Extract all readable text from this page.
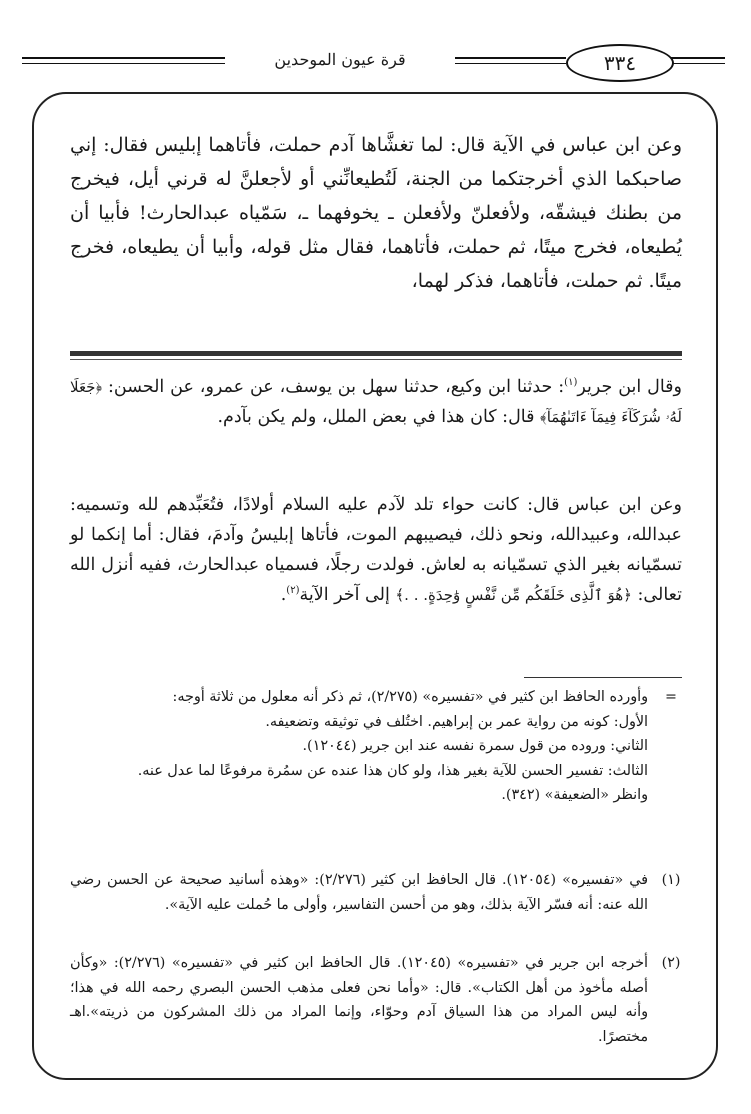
٣٣٤
قرة عيون الموحدين

وعن ابن عباس في الآية قال: لما تغشَّاها آدم حملت، فأتاهما إبليس فقال: إني صاحبكما الذي أخرجتكما من الجنة، لَتُطيعانِّني أو لأجعلنَّ له قرني أيل، فيخرج من بطنك فيشقّه، ولأفعلنّ ولأفعلن ـ يخوفهما ـ، سَمّياه عبدالحارث! فأبيا أن يُطيعاه، فخرج ميتًا، ثم حملت، فأتاهما، فقال مثل قوله، وأبيا أن يطيعاه، فخرج ميتًا. ثم حملت، فأتاهما، فذكر لهما،

وقال ابن جرير$^{(١)}$: حدثنا ابن وكيع، حدثنا سهل بن يوسف، عن عمرو، عن الحسن: ﴿جَعَلَا لَهُۥ شُرَكَآءَ فِيمَآ ءَاتَىٰهُمَآ﴾ قال: كان هذا في بعض الملل، ولم يكن بآدم.

وعن ابن عباس قال: كانت حواء تلد لآدم عليه السلام أولادًا، فتُعَبِّدهم لله وتسميه: عبدالله، وعبيدالله، ونحو ذلك، فيصيبهم الموت، فأتاها إبليسُ وآدمَ، فقال: أما إنكما لو تسمّيانه بغير الذي تسمّيانه به لعاش. فولدت رجلًا، فسمياه عبدالحارث، ففيه أنزل الله تعالى: ﴿هُوَ ٱلَّذِى خَلَقَكُم مِّن نَّفْسٍ وَٰحِدَةٍ. . .﴾ إلى آخر الآية$^{(٢)}$.

=
وأورده الحافظ ابن كثير في «تفسيره» (٢/٢٧٥)، ثم ذكر أنه معلول من ثلاثة أوجه:
الأول: كونه من رواية عمر بن إبراهيم. اختُلف في توثيقه وتضعيفه.
الثاني: وروده من قول سمرة نفسه عند ابن جرير (١٢٠٤٤).
الثالث: تفسير الحسن للآية بغير هذا، ولو كان هذا عنده عن سمُرة مرفوعًا لما عدل عنه.
وانظر «الضعيفة» (٣٤٢).
(١)
في «تفسيره» (١٢٠٥٤). قال الحافظ ابن كثير (٢/٢٧٦): «وهذه أسانيد صحيحة عن الحسن رضي الله عنه: أنه فسّر الآية بذلك، وهو من أحسن التفاسير، وأولى ما حُملت عليه الآية».
(٢)
أخرجه ابن جرير في «تفسيره» (١٢٠٤٥). قال الحافظ ابن كثير في «تفسيره» (٢/٢٧٦): «وكأن أصله مأخوذ من أهل الكتاب». قال: «وأما نحن فعلى مذهب الحسن البصري رحمه الله في هذا؛ وأنه ليس المراد من هذا السياق آدم وحوّاء، وإنما المراد من ذلك المشركون من ذريته».اهـ مختصرًا.
